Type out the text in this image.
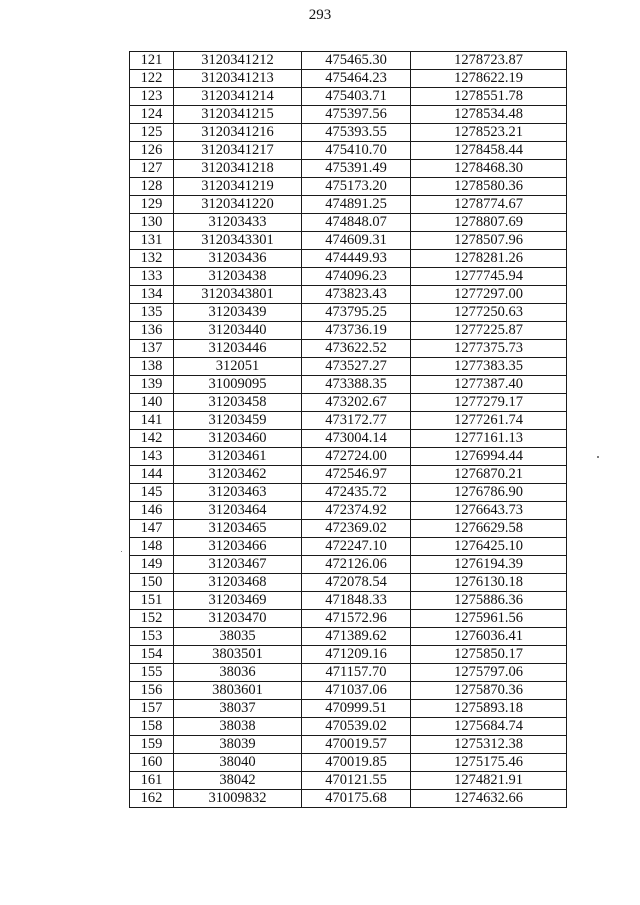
293
121	3120341212	475465.30	1278723.87
122	3120341213	475464.23	1278622.19
123	3120341214	475403.71	1278551.78
124	3120341215	475397.56	1278534.48
125	3120341216	475393.55	1278523.21
126	3120341217	475410.70	1278458.44
127	3120341218	475391.49	1278468.30
128	3120341219	475173.20	1278580.36
129	3120341220	474891.25	1278774.67
130	31203433	474848.07	1278807.69
131	3120343301	474609.31	1278507.96
132	31203436	474449.93	1278281.26
133	31203438	474096.23	1277745.94
134	3120343801	473823.43	1277297.00
135	31203439	473795.25	1277250.63
136	31203440	473736.19	1277225.87
137	31203446	473622.52	1277375.73
138	312051	473527.27	1277383.35
139	31009095	473388.35	1277387.40
140	31203458	473202.67	1277279.17
141	31203459	473172.77	1277261.74
142	31203460	473004.14	1277161.13
143	31203461	472724.00	1276994.44
144	31203462	472546.97	1276870.21
145	31203463	472435.72	1276786.90
146	31203464	472374.92	1276643.73
147	31203465	472369.02	1276629.58
148	31203466	472247.10	1276425.10
149	31203467	472126.06	1276194.39
150	31203468	472078.54	1276130.18
151	31203469	471848.33	1275886.36
152	31203470	471572.96	1275961.56
153	38035	471389.62	1276036.41
154	3803501	471209.16	1275850.17
155	38036	471157.70	1275797.06
156	3803601	471037.06	1275870.36
157	38037	470999.51	1275893.18
158	38038	470539.02	1275684.74
159	38039	470019.57	1275312.38
160	38040	470019.85	1275175.46
161	38042	470121.55	1274821.91
162	31009832	470175.68	1274632.66
